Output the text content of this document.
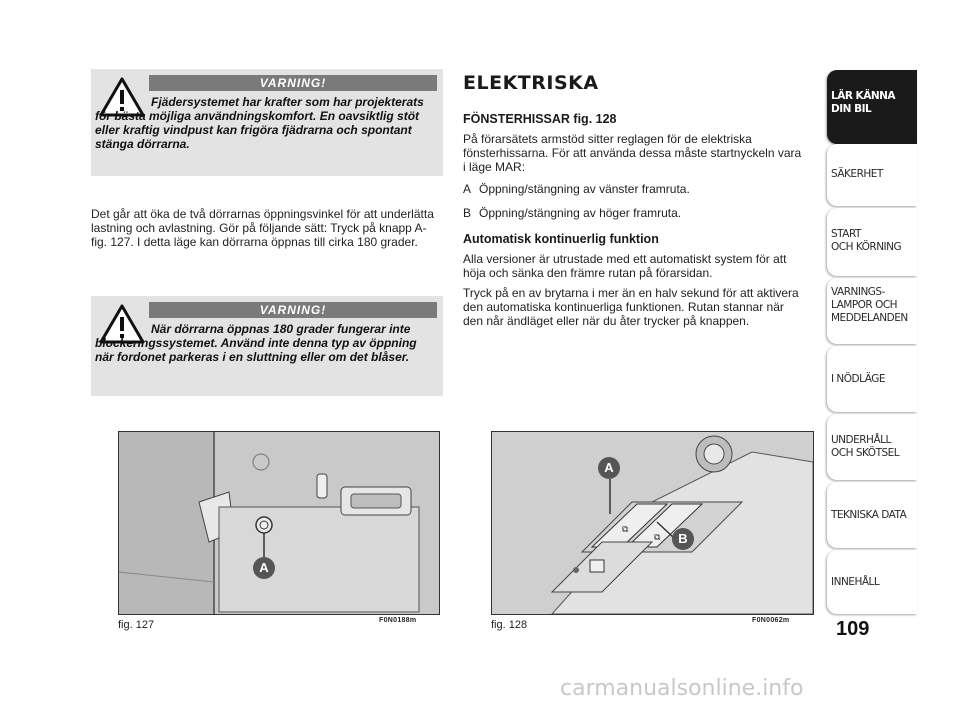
VARNING!
Fjädersystemet har krafter som har projekterats för bästa möjliga användningskomfort. En oavsiktlig stöt eller kraftig vindpust kan frigöra fjädrarna och spontant stänga dörrarna.
Det går att öka de två dörrarnas öppningsvinkel för att underlätta lastning och avlastning. Gör på följande sätt: Tryck på knapp A-fig. 127. I detta läge kan dörrarna öppnas till cirka 180 grader.
VARNING!
När dörrarna öppnas 180 grader fungerar inte blockeringssystemet. Använd inte denna typ av öppning när fordonet parkeras i en sluttning eller om det blåser.
ELEKTRISKA
FÖNSTERHISSAR fig. 128
På förarsätets armstöd sitter reglagen för de elektriska fönsterhissarna. För att använda dessa måste startnyckeln vara i läge MAR:
A Öppning/stängning av vänster framruta.
B Öppning/stängning av höger framruta.
Automatisk kontinuerlig funktion
Alla versioner är utrustade med ett automatiskt system för att höja och sänka den främre rutan på förarsidan.
Tryck på en av brytarna i mer än en halv sekund för att aktivera den automatiska kontinuerliga funktionen. Rutan stannar när den når ändläget eller när du åter trycker på knappen.
A
fig. 127	F0N0188m
⧉
⧉
A
B
fig. 128	F0N0062m
LÄR KÄNNA
DIN BIL
SÄKERHET
START
OCH KÖRNING
VARNINGS-
LAMPOR OCH
MEDDELANDEN
I NÖDLÄGE
UNDERHÅLL
OCH SKÖTSEL
TEKNISKA DATA
INNEHÅLL
109
carmanualsonline.info
